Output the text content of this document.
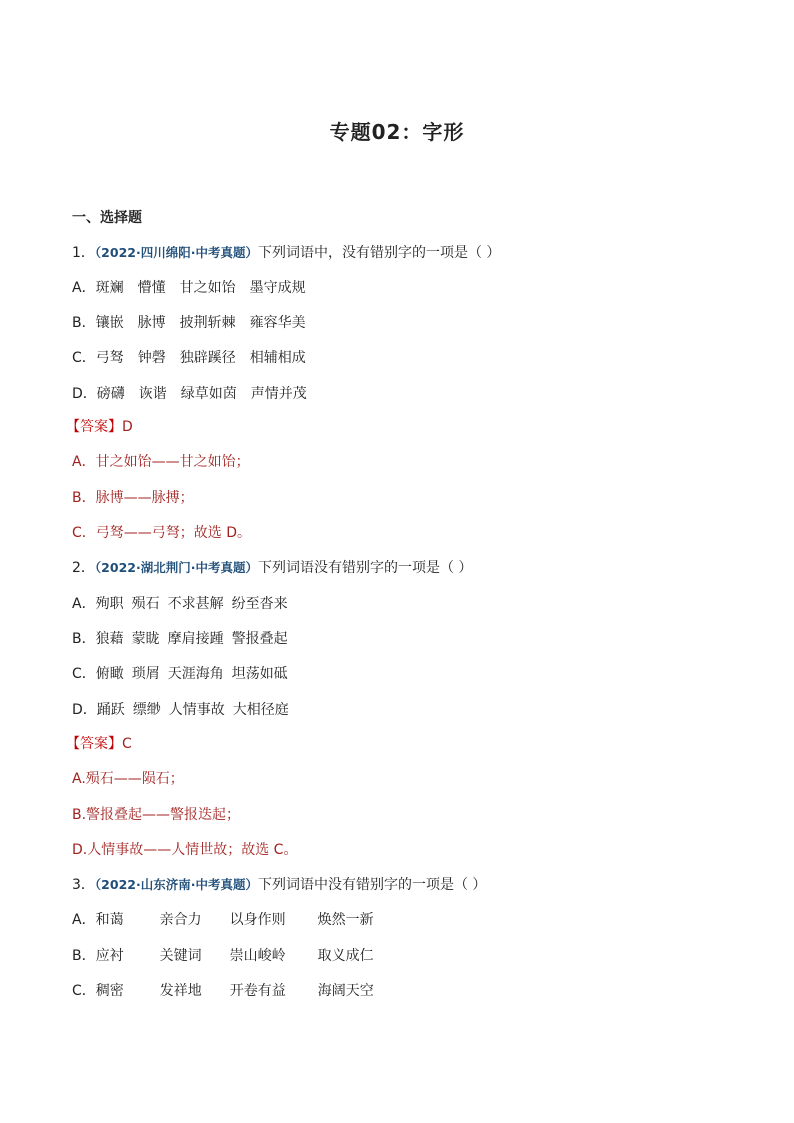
专题02：字形
一、选择题
1．（2022·四川绵阳·中考真题）下列词语中，没有错别字的一项是（ ）
A．斑斓 懵懂 甘之如饴 墨守成规
B．镶嵌 脉博 披荆斩棘 雍容华美
C．弓驽 钟磬 独辟蹊径 相辅相成
D．磅礴 诙谐 绿草如茵 声情并茂
【答案】D
A．甘之如饴——甘之如饴；
B．脉博——脉搏；
C．弓驽——弓弩；故选 D。
2．（2022·湖北荆门·中考真题）下列词语没有错别字的一项是（ ）
A．殉职 殒石 不求甚解 纷至沓来
B．狼藉 蒙眬 摩肩接踵 警报叠起
C．俯瞰 琐屑 天涯海角 坦荡如砥
D．踊跃 缥缈 人情事故 大相径庭
【答案】C
A.殒石——陨石；
B.警报叠起——警报迭起；
D.人情事故——人情世故；故选 C。
3．（2022·山东济南·中考真题）下列词语中没有错别字的一项是（ ）
A．和蔼	亲合力 以身作则 焕然一新
B．应衬	关键词 崇山峻岭 取义成仁
C．稠密	发祥地 开卷有益 海阔天空
